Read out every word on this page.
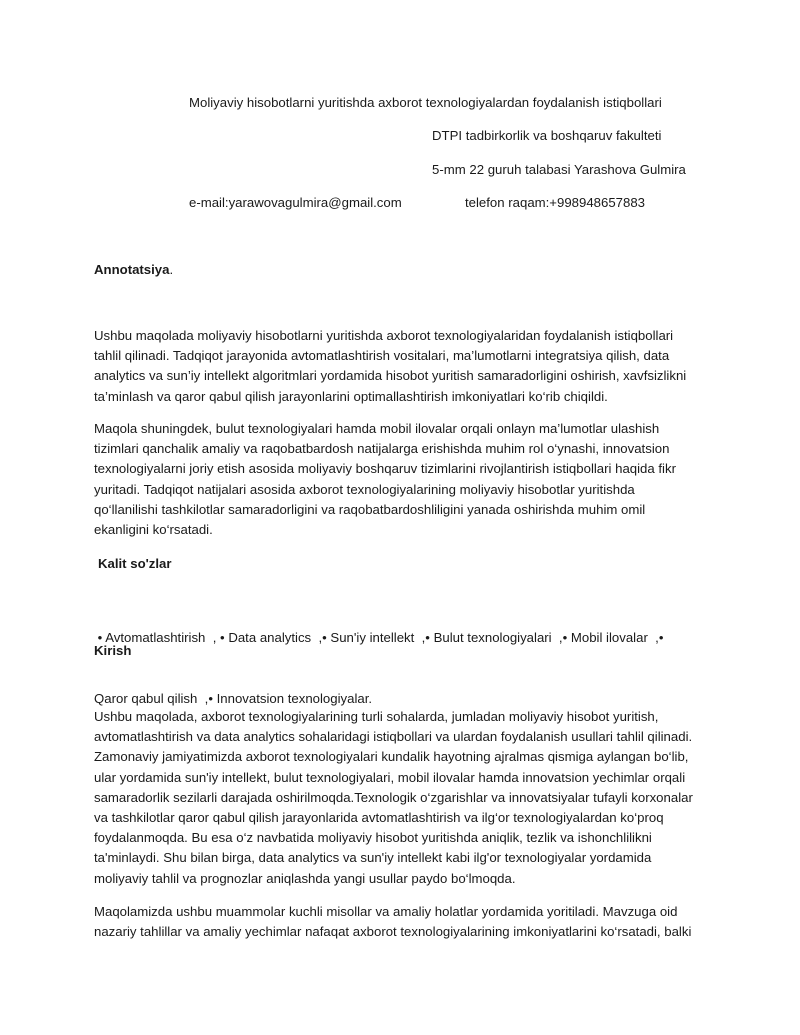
Moliyaviy hisobotlarni yuritishda axborot texnologiyalardan foydalanish istiqbollari
DTPI tadbirkorlik va boshqaruv fakulteti
5-mm 22 guruh talabasi Yarashova Gulmira
e-mail:yarawovagulmira@gmail.com	telefon raqam:+998948657883
Annotatsiya.
Ushbu maqolada moliyaviy hisobotlarni yuritishda axborot texnologiyalaridan foydalanish istiqbollari
tahlil qilinadi. Tadqiqot jarayonida avtomatlashtirish vositalari, ma’lumotlarni integratsiya qilish, data
analytics va sun’iy intellekt algoritmlari yordamida hisobot yuritish samaradorligini oshirish, xavfsizlikni
ta’minlash va qaror qabul qilish jarayonlarini optimallashtirish imkoniyatlari ko‘rib chiqildi.
Maqola shuningdek, bulut texnologiyalari hamda mobil ilovalar orqali onlayn ma’lumotlar ulashish
tizimlari qanchalik amaliy va raqobatbardosh natijalarga erishishda muhim rol o‘ynashi, innovatsion
texnologiyalarni joriy etish asosida moliyaviy boshqaruv tizimlarini rivojlantirish istiqbollari haqida fikr
yuritadi. Tadqiqot natijalari asosida axborot texnologiyalarining moliyaviy hisobotlar yuritishda
qo‘llanilishi tashkilotlar samaradorligini va raqobatbardoshliligini yanada oshirishda muhim omil
ekanligini ko‘rsatadi.
Kalit so'zlar

• Avtomatlashtirish  , • Data analytics  ,• Sun'iy intellekt  ,• Bulut texnologiyalari  ,• Mobil ilovalar  ,•

Qaror qabul qilish  ,• Innovatsion texnologiyalar.

Kirish
Ushbu maqolada, axborot texnologiyalarining turli sohalarda, jumladan moliyaviy hisobot yuritish,
avtomatlashtirish va data analytics sohalaridagi istiqbollari va ulardan foydalanish usullari tahlil qilinadi.
Zamonaviy jamiyatimizda axborot texnologiyalari kundalik hayotning ajralmas qismiga aylangan bo‘lib,
ular yordamida sun'iy intellekt, bulut texnologiyalari, mobil ilovalar hamda innovatsion yechimlar orqali
samaradorlik sezilarli darajada oshirilmoqda.Texnologik o‘zgarishlar va innovatsiyalar tufayli korxonalar
va tashkilotlar qaror qabul qilish jarayonlarida avtomatlashtirish va ilg‘or texnologiyalardan ko‘proq
foydalanmoqda. Bu esa o‘z navbatida moliyaviy hisobot yuritishda aniqlik, tezlik va ishonchlilikni
ta'minlaydi. Shu bilan birga, data analytics va sun'iy intellekt kabi ilg'or texnologiyalar yordamida
moliyaviy tahlil va prognozlar aniqlashda yangi usullar paydo bo‘lmoqda.
Maqolamizda ushbu muammolar kuchli misollar va amaliy holatlar yordamida yoritiladi. Mavzuga oid
nazariy tahlillar va amaliy yechimlar nafaqat axborot texnologiyalarining imkoniyatlarini ko‘rsatadi, balki
